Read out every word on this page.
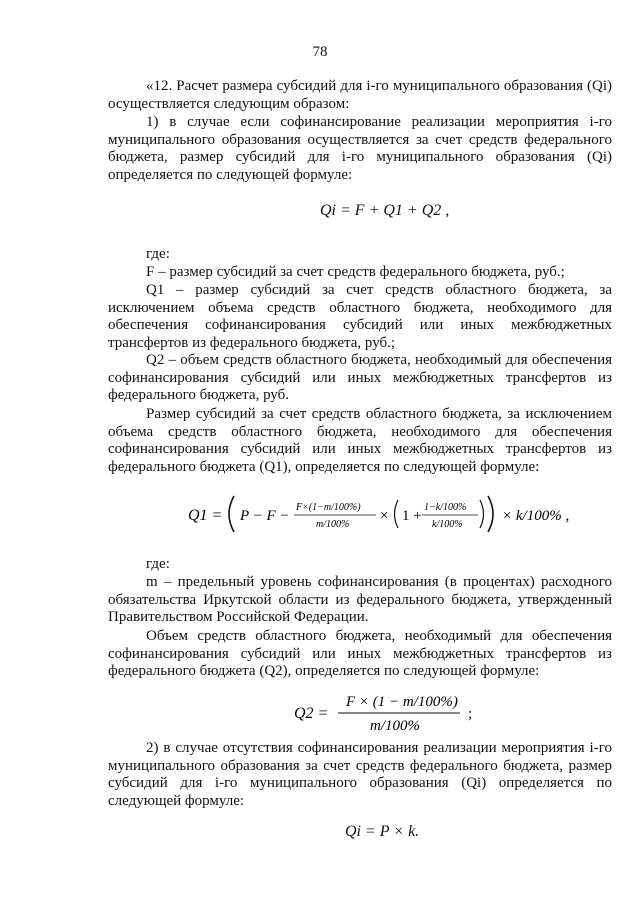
78
«12. Расчет размера субсидий для i-го муниципального образования (Qi) осуществляется следующим образом:
1) в случае если софинансирование реализации мероприятия i-го муниципального образования осуществляется за счет средств федерального бюджета, размер субсидий для i-го муниципального образования (Qi) определяется по следующей формуле:
Qi = F + Q1 + Q2 ,
где:
F – размер субсидий за счет средств федерального бюджета, руб.;
Q1 – размер субсидий за счет средств областного бюджета, за исключением объема средств областного бюджета, необходимого для обеспечения софинансирования субсидий или иных межбюджетных трансфертов из федерального бюджета, руб.;
Q2 – объем средств областного бюджета, необходимый для обеспечения софинансирования субсидий или иных межбюджетных трансфертов из федерального бюджета, руб.
Размер субсидий за счет средств областного бюджета, за исключением объема средств областного бюджета, необходимого для обеспечения софинансирования субсидий или иных межбюджетных трансфертов из федерального бюджета (Q1), определяется по следующей формуле:
Q1 = P − F −
F×(1−m/100%)
m/100%
× 1 +
1−k/100%
k/100%
× k/100% ,
где:
m – предельный уровень софинансирования (в процентах) расходного обязательства Иркутской области из федерального бюджета, утвержденный Правительством Российской Федерации.
Объем средств областного бюджета, необходимый для обеспечения софинансирования субсидий или иных межбюджетных трансфертов из федерального бюджета (Q2), определяется по следующей формуле:
Q2 =
F × (1 − m/100%)
m/100%
;
2) в случае отсутствия софинансирования реализации мероприятия i-го муниципального образования за счет средств федерального бюджета, размер субсидий для i-го муниципального образования (Qi) определяется по следующей формуле:
Qi = P × k.
